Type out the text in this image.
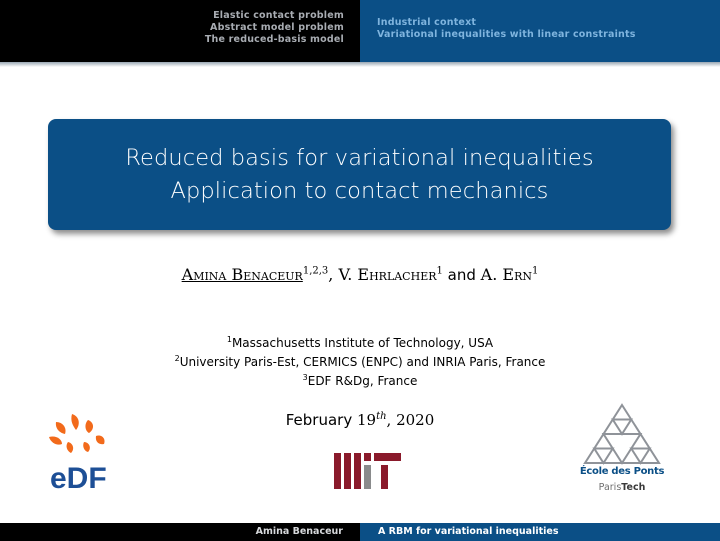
Elastic contact problem
Abstract model problem
The reduced-basis model
Industrial context
Variational inequalities with linear constraints
Reduced basis for variational inequalities
Application to contact mechanics
Amina Benaceur$^{1,2,3}$, V. Ehrlacher$^1$ and A. Ern$^1$
$^1$Massachusetts Institute of Technology, USA
$^2$University Paris-Est, CERMICS (ENPC) and INRIA Paris, France
$^3$EDF R&Dg, France
February 19th, 2020
eDF	École des Ponts
ParisTech
Amina Benaceur	A RBM for variational inequalities
